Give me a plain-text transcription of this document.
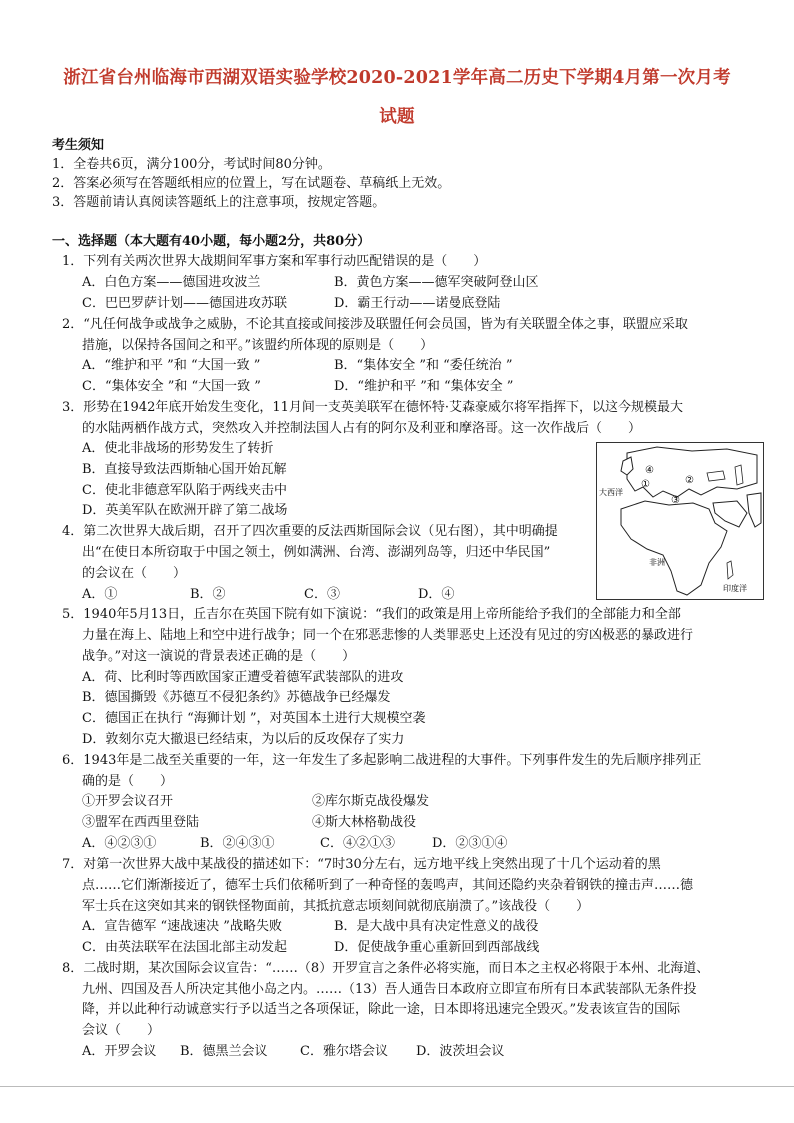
浙江省台州临海市西湖双语实验学校2020-2021学年高二历史下学期4月第一次月考
试题
考生须知
1．全卷共6页，满分100分，考试时间80分钟。
2．答案必须写在答题纸相应的位置上，写在试题卷、草稿纸上无效。
3．答题前请认真阅读答题纸上的注意事项，按规定答题。
一、选择题（本大题有40小题，每小题2分，共80分）
1．下列有关两次世界大战期间军事方案和军事行动匹配错误的是（　　）
A．白色方案——德国进攻波兰	B．黄色方案——德军突破阿登山区
C．巴巴罗萨计划——德国进攻苏联	D．霸王行动——诺曼底登陆
2．“凡任何战争或战争之威胁，不论其直接或间接涉及联盟任何会员国，皆为有关联盟全体之事，联盟应采取
措施，以保持各国间之和平。”该盟约所体现的原则是（　　）
A．“维护和平 ”和 “大国一致 ”	B．“集体安全 ”和 “委任统治 ”
C．“集体安全 ”和 “大国一致 ”	D．“维护和平 ”和 “集体安全 ”
3．形势在1942年底开始发生变化，11月间一支英美联军在德怀特·艾森豪威尔将军指挥下，以这今规模最大
的水陆两栖作战方式，突然攻入并控制法国人占有的阿尔及利亚和摩洛哥。这一次作战后（　　）
A．使北非战场的形势发生了转折
B．直接导致法西斯轴心国开始瓦解
C．使北非德意军队陷于两线夹击中
D．英美军队在欧洲开辟了第二战场
4．第二次世界大战后期，召开了四次重要的反法西斯国际会议（见右图），其中明确提
出“在使日本所窃取于中国之领土，例如满洲、台湾、澎湖列岛等，归还中华民国”
的会议在（　　）
A．①	B．②	C．③	D．④
①	②
③
④
大西洋
非洲
印度洋
5．1940年5月13日，丘吉尔在英国下院有如下演说：“我们的政策是用上帝所能给予我们的全部能力和全部
力量在海上、陆地上和空中进行战争；同一个在邪恶悲惨的人类罪恶史上还没有见过的穷凶极恶的暴政进行
战争。”对这一演说的背景表述正确的是（　　）
A．荷、比利时等西欧国家正遭受着德军武装部队的进攻
B．德国撕毁《苏德互不侵犯条约》苏德战争已经爆发
C．德国正在执行 “海狮计划 ”，对英国本土进行大规模空袭
D．敦刻尔克大撤退已经结束，为以后的反攻保存了实力
6．1943年是二战至关重要的一年，这一年发生了多起影响二战进程的大事件。下列事件发生的先后顺序排列正
确的是（　　）
①开罗会议召开	②库尔斯克战役爆发
③盟军在西西里登陆	④斯大林格勒战役
A．④②③①	B．②④③①	C．④②①③	D．②③①④
7．对第一次世界大战中某战役的描述如下：“7时30分左右，远方地平线上突然出现了十几个运动着的黑
点……它们渐渐接近了，德军士兵们依稀听到了一种奇怪的轰鸣声，其间还隐约夹杂着钢铁的撞击声……德
军士兵在这突如其来的钢铁怪物面前，其抵抗意志顷刻间就彻底崩溃了。”该战役（　　）
A．宣告德军 “速战速决 ”战略失败	B．是大战中具有决定性意义的战役
C．由英法联军在法国北部主动发起	D．促使战争重心重新回到西部战线
8．二战时期，某次国际会议宣告：“……（8）开罗宣言之条件必将实施，而日本之主权必将限于本州、北海道、
九州、四国及吾人所决定其他小岛之内。……（13）吾人通告日本政府立即宣布所有日本武装部队无条件投
降，并以此种行动诚意实行予以适当之各项保证，除此一途，日本即将迅速完全毁灭。”发表该宣告的国际
会议（　　）
A．开罗会议 B．德黑兰会议 C．雅尔塔会议 D．波茨坦会议
